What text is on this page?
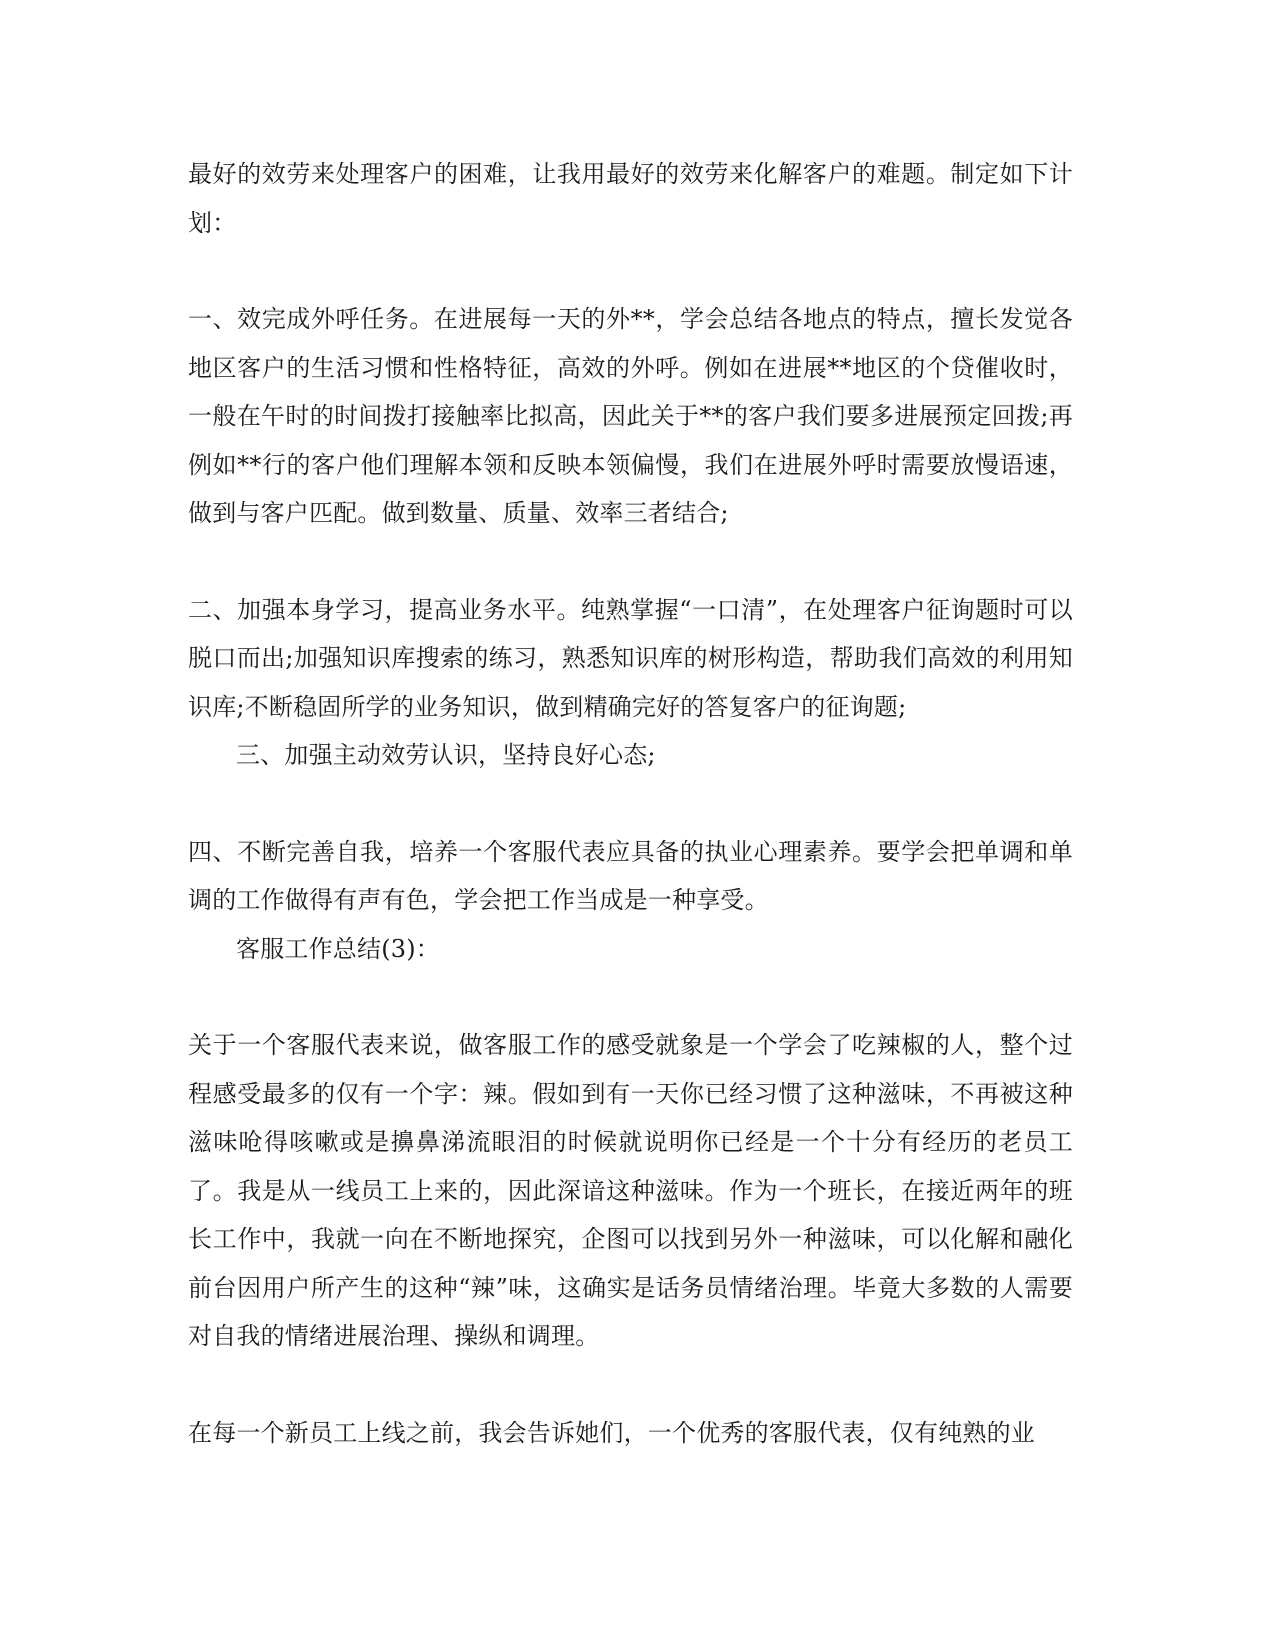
最好的效劳来处理客户的困难，让我用最好的效劳来化解客户的难题。制定如下计划：

一、效完成外呼任务。在进展每一天的外**，学会总结各地点的特点，擅长发觉各地区客户的生活习惯和性格特征，高效的外呼。例如在进展**地区的个贷催收时，一般在午时的时间拨打接触率比拟高，因此关于**的客户我们要多进展预定回拨;再例如**行的客户他们理解本领和反映本领偏慢，我们在进展外呼时需要放慢语速，做到与客户匹配。做到数量、质量、效率三者结合;

二、加强本身学习，提高业务水平。纯熟掌握“一口清”，在处理客户征询题时可以脱口而出;加强知识库搜索的练习，熟悉知识库的树形构造，帮助我们高效的利用知识库;不断稳固所学的业务知识，做到精确完好的答复客户的征询题;

三、加强主动效劳认识，坚持良好心态;

四、不断完善自我，培养一个客服代表应具备的执业心理素养。要学会把单调和单调的工作做得有声有色，学会把工作当成是一种享受。

客服工作总结(3)：

关于一个客服代表来说，做客服工作的感受就象是一个学会了吃辣椒的人，整个过程感受最多的仅有一个字：辣。假如到有一天你已经习惯了这种滋味，不再被这种滋味呛得咳嗽或是擤鼻涕流眼泪的时候就说明你已经是一个十分有经历的老员工了。我是从一线员工上来的，因此深谙这种滋味。作为一个班长，在接近两年的班长工作中，我就一向在不断地探究，企图可以找到另外一种滋味，可以化解和融化前台因用户所产生的这种“辣”味，这确实是话务员情绪治理。毕竟大多数的人需要对自我的情绪进展治理、操纵和调理。

在每一个新员工上线之前，我会告诉她们，一个优秀的客服代表，仅有纯熟的业
